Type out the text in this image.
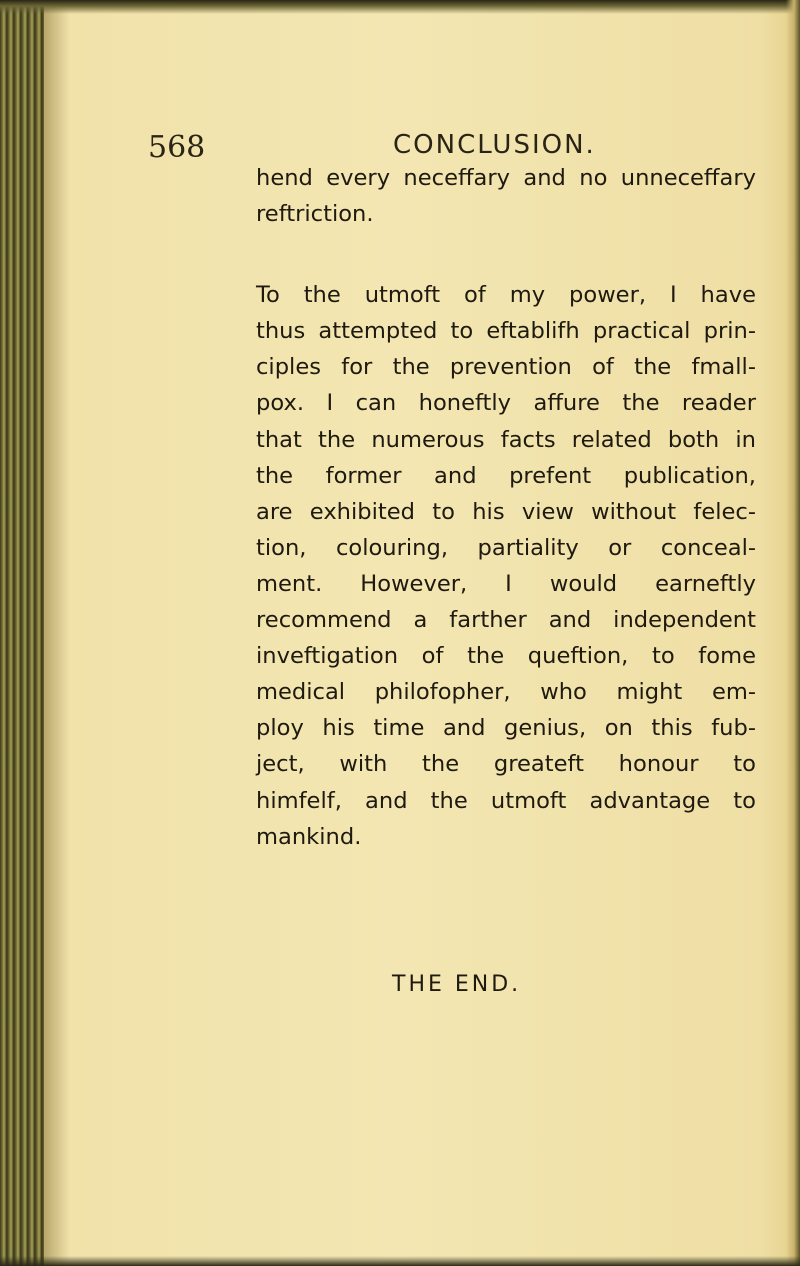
568	CONCLUSION.
hend every neceffary and no unneceffary
reftriction.
To the utmoft of my power, I have
thus attempted to eftablifh practical prin-
ciples for the prevention of the fmall-
pox. I can honeftly affure the reader
that the numerous facts related both in
the former and prefent publication,
are exhibited to his view without felec-
tion, colouring, partiality or conceal-
ment. However, I would earneftly
recommend a farther and independent
inveftigation of the queftion, to fome
medical philofopher, who might em-
ploy his time and genius, on this fub-
ject, with the greateft honour to
himfelf, and the utmoft advantage to
mankind.
THE END.
